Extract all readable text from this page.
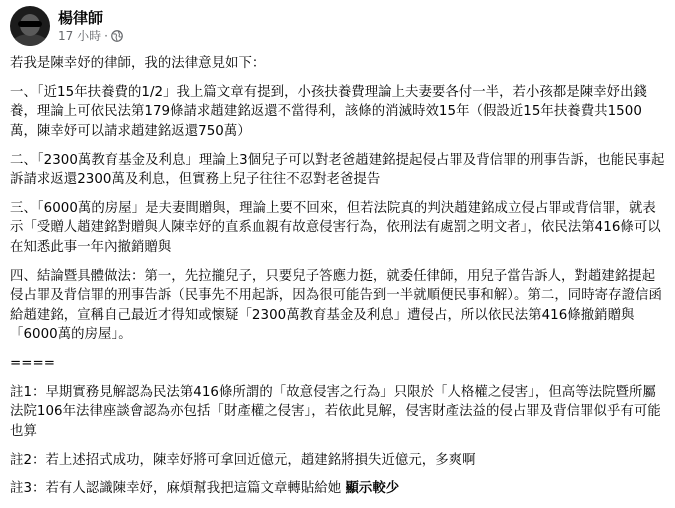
楊律師
17 小時 ·

若我是陳幸妤的律師，我的法律意見如下：

一、「近15年扶養費的1/2」我上篇文章有提到，小孩扶養費理論上夫妻要各付一半，若小孩都是陳幸妤出錢養，理論上可依民法第179條請求趙建銘返還不當得利，該條的消滅時效15年（假設近15年扶養費共1500萬，陳幸妤可以請求趙建銘返還750萬）

二、「2300萬教育基金及利息」理論上3個兒子可以對老爸趙建銘提起侵占罪及背信罪的刑事告訴，也能民事起訴請求返還2300萬及利息，但實務上兒子往往不忍對老爸提告

三、「6000萬的房屋」是夫妻間贈與，理論上要不回來，但若法院真的判決趙建銘成立侵占罪或背信罪，就表示「受贈人趙建銘對贈與人陳幸妤的直系血親有故意侵害行為，依刑法有處罰之明文者」，依民法第416條可以在知悉此事一年內撤銷贈與

四、結論暨具體做法：第一，先拉攏兒子，只要兒子答應力挺，就委任律師，用兒子當告訴人，對趙建銘提起侵占罪及背信罪的刑事告訴（民事先不用起訴，因為很可能告到一半就順便民事和解）。第二，同時寄存證信函給趙建銘，宣稱自己最近才得知或懷疑「2300萬教育基金及利息」遭侵占，所以依民法第416條撤銷贈與「6000萬的房屋」。

====

註1：早期實務見解認為民法第416條所謂的「故意侵害之行為」只限於「人格權之侵害」，但高等法院暨所屬法院106年法律座談會認為亦包括「財產權之侵害」，若依此見解，侵害財產法益的侵占罪及背信罪似乎有可能也算

註2：若上述招式成功，陳幸妤將可拿回近億元，趙建銘將損失近億元，多爽啊

註3：若有人認識陳幸妤，麻煩幫我把這篇文章轉貼給她 顯示較少
